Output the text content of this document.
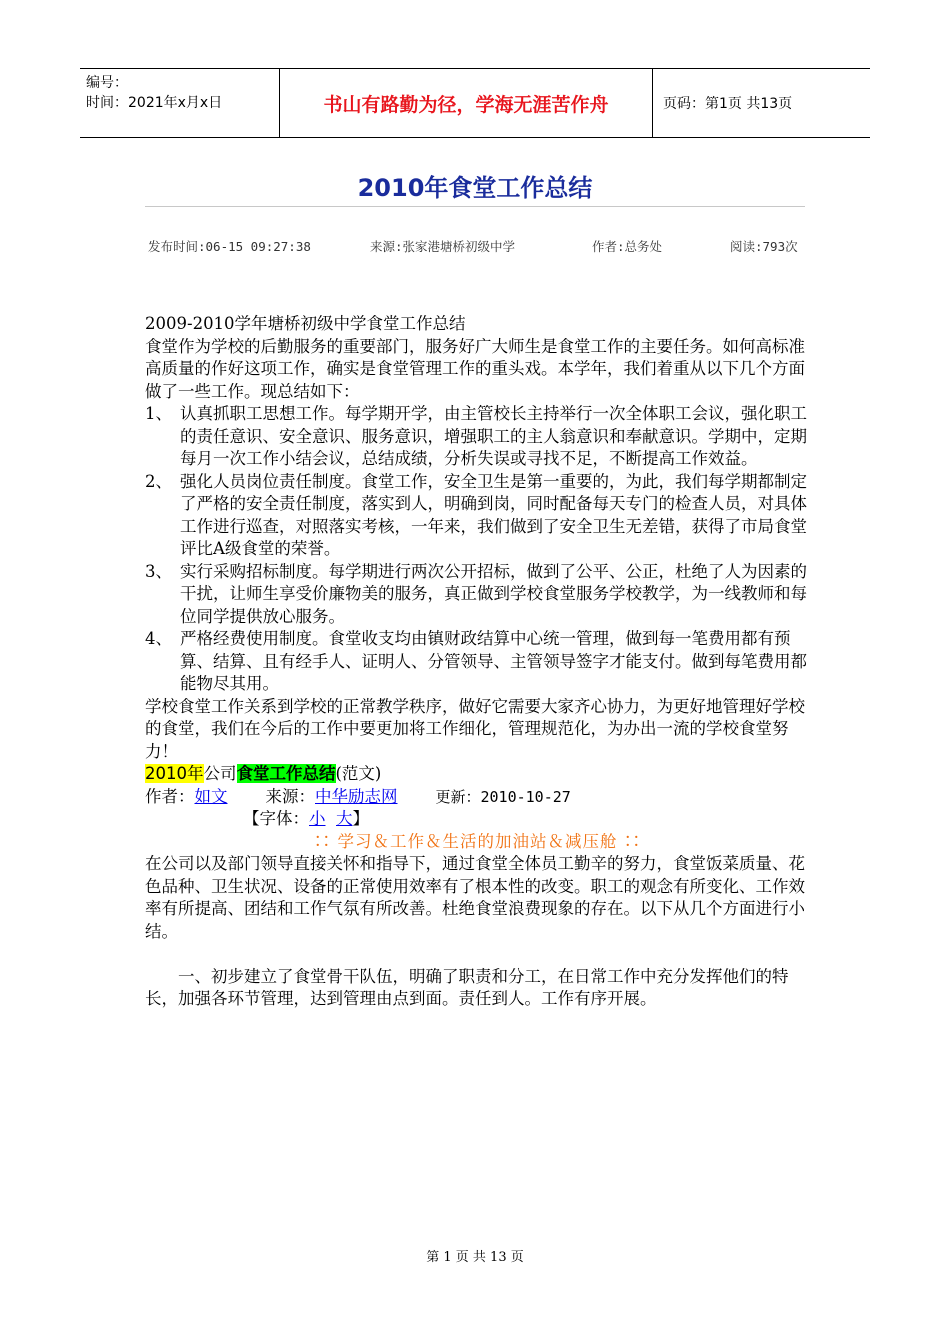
编号：
时间：2021年x月x日	书山有路勤为径，学海无涯苦作舟	页码：第1页 共13页
2010年食堂工作总结
发布时间:06-15 09:27:38	来源:张家港塘桥初级中学	作者:总务处	阅读:793次

2009-2010学年塘桥初级中学食堂工作总结

食堂作为学校的后勤服务的重要部门，服务好广大师生是食堂工作的主要任务。如何高标准高质量的作好这项工作，确实是食堂管理工作的重头戏。本学年，我们着重从以下几个方面做了一些工作。现总结如下：

1、 认真抓职工思想工作。每学期开学，由主管校长主持举行一次全体职工会议，强化职工的责任意识、安全意识、服务意识，增强职工的主人翁意识和奉献意识。学期中，定期每月一次工作小结会议，总结成绩，分析失误或寻找不足，不断提高工作效益。
2、 强化人员岗位责任制度。食堂工作，安全卫生是第一重要的，为此，我们每学期都制定了严格的安全责任制度，落实到人，明确到岗，同时配备每天专门的检查人员，对具体工作进行巡查，对照落实考核，一年来，我们做到了安全卫生无差错，获得了市局食堂评比A级食堂的荣誉。
3、 实行采购招标制度。每学期进行两次公开招标，做到了公平、公正，杜绝了人为因素的干扰，让师生享受价廉物美的服务，真正做到学校食堂服务学校教学，为一线教师和每位同学提供放心服务。
4、 严格经费使用制度。食堂收支均由镇财政结算中心统一管理，做到每一笔费用都有预算、结算、且有经手人、证明人、分管领导、主管领导签字才能支付。做到每笔费用都能物尽其用。

学校食堂工作关系到学校的正常教学秩序，做好它需要大家齐心协力，为更好地管理好学校的食堂，我们在今后的工作中要更加将工作细化，管理规范化，为办出一流的学校食堂努力！

2010年公司食堂工作总结(范文)

作者：如文 来源：中华励志网	更新：2010-10-27

【字体：小 大】

∷ 学习＆工作＆生活的加油站＆减压舱 ∷

在公司以及部门领导直接关怀和指导下，通过食堂全体员工勤辛的努力，食堂饭菜质量、花色品种、卫生状况、设备的正常使用效率有了根本性的改变。职工的观念有所变化、工作效率有所提高、团结和工作气氛有所改善。杜绝食堂浪费现象的存在。以下从几个方面进行小结。

一、初步建立了食堂骨干队伍，明确了职责和分工，在日常工作中充分发挥他们的特长，加强各环节管理，达到管理由点到面。责任到人。工作有序开展。

第 1 页 共 13 页
